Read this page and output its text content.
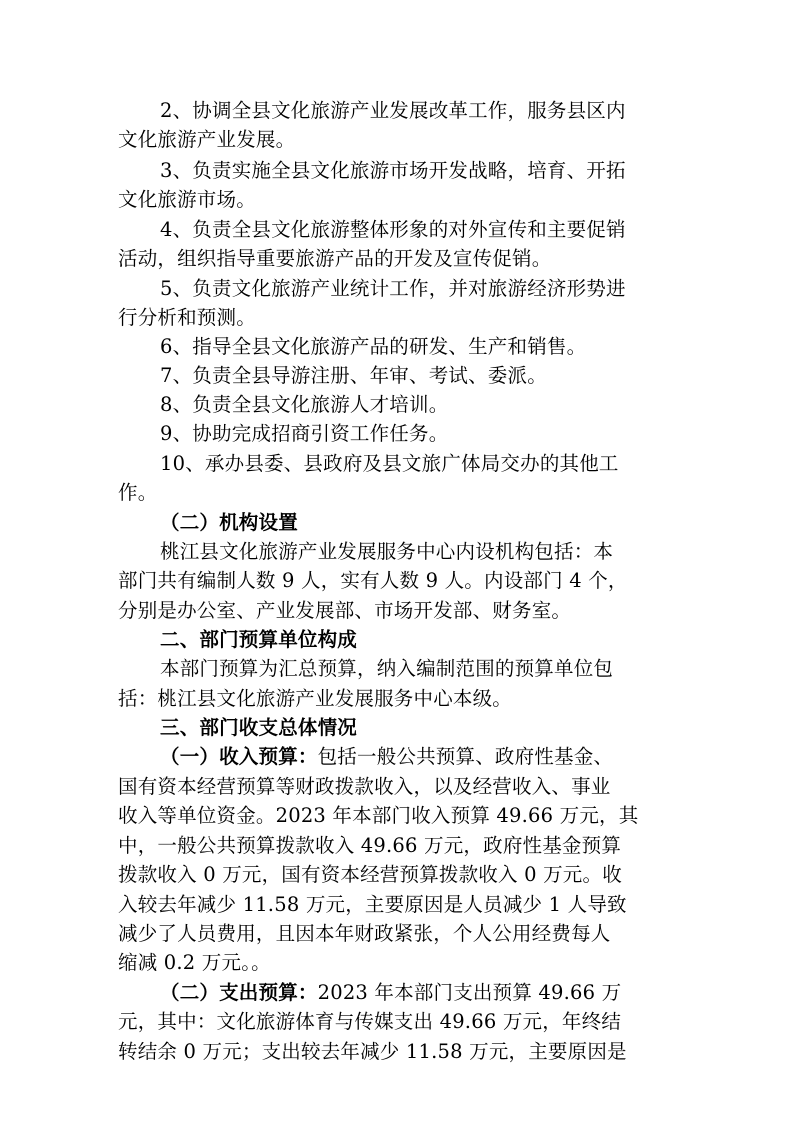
2、协调全县文化旅游产业发展改革工作，服务县区内
文化旅游产业发展。
3、负责实施全县文化旅游市场开发战略，培育、开拓
文化旅游市场。
4、负责全县文化旅游整体形象的对外宣传和主要促销
活动，组织指导重要旅游产品的开发及宣传促销。
5、负责文化旅游产业统计工作，并对旅游经济形势进
行分析和预测。
6、指导全县文化旅游产品的研发、生产和销售。
7、负责全县导游注册、年审、考试、委派。
8、负责全县文化旅游人才培训。
9、协助完成招商引资工作任务。
10、承办县委、县政府及县文旅广体局交办的其他工
作。
（二）机构设置
桃江县文化旅游产业发展服务中心内设机构包括：本
部门共有编制人数 9 人，实有人数 9 人。内设部门 4 个，
分别是办公室、产业发展部、市场开发部、财务室。
二、部门预算单位构成
本部门预算为汇总预算，纳入编制范围的预算单位包
括：桃江县文化旅游产业发展服务中心本级。
三、部门收支总体情况
（一）收入预算：包括一般公共预算、政府性基金、
国有资本经营预算等财政拨款收入，以及经营收入、事业
收入等单位资金。2023 年本部门收入预算 49.66 万元，其
中，一般公共预算拨款收入 49.66 万元，政府性基金预算
拨款收入 0 万元，国有资本经营预算拨款收入 0 万元。收
入较去年减少 11.58 万元，主要原因是人员减少 1 人导致
减少了人员费用，且因本年财政紧张，个人公用经费每人
缩减 0.2 万元。。
（二）支出预算：2023 年本部门支出预算 49.66 万
元，其中：文化旅游体育与传媒支出 49.66 万元，年终结
转结余 0 万元；支出较去年减少 11.58 万元，主要原因是
